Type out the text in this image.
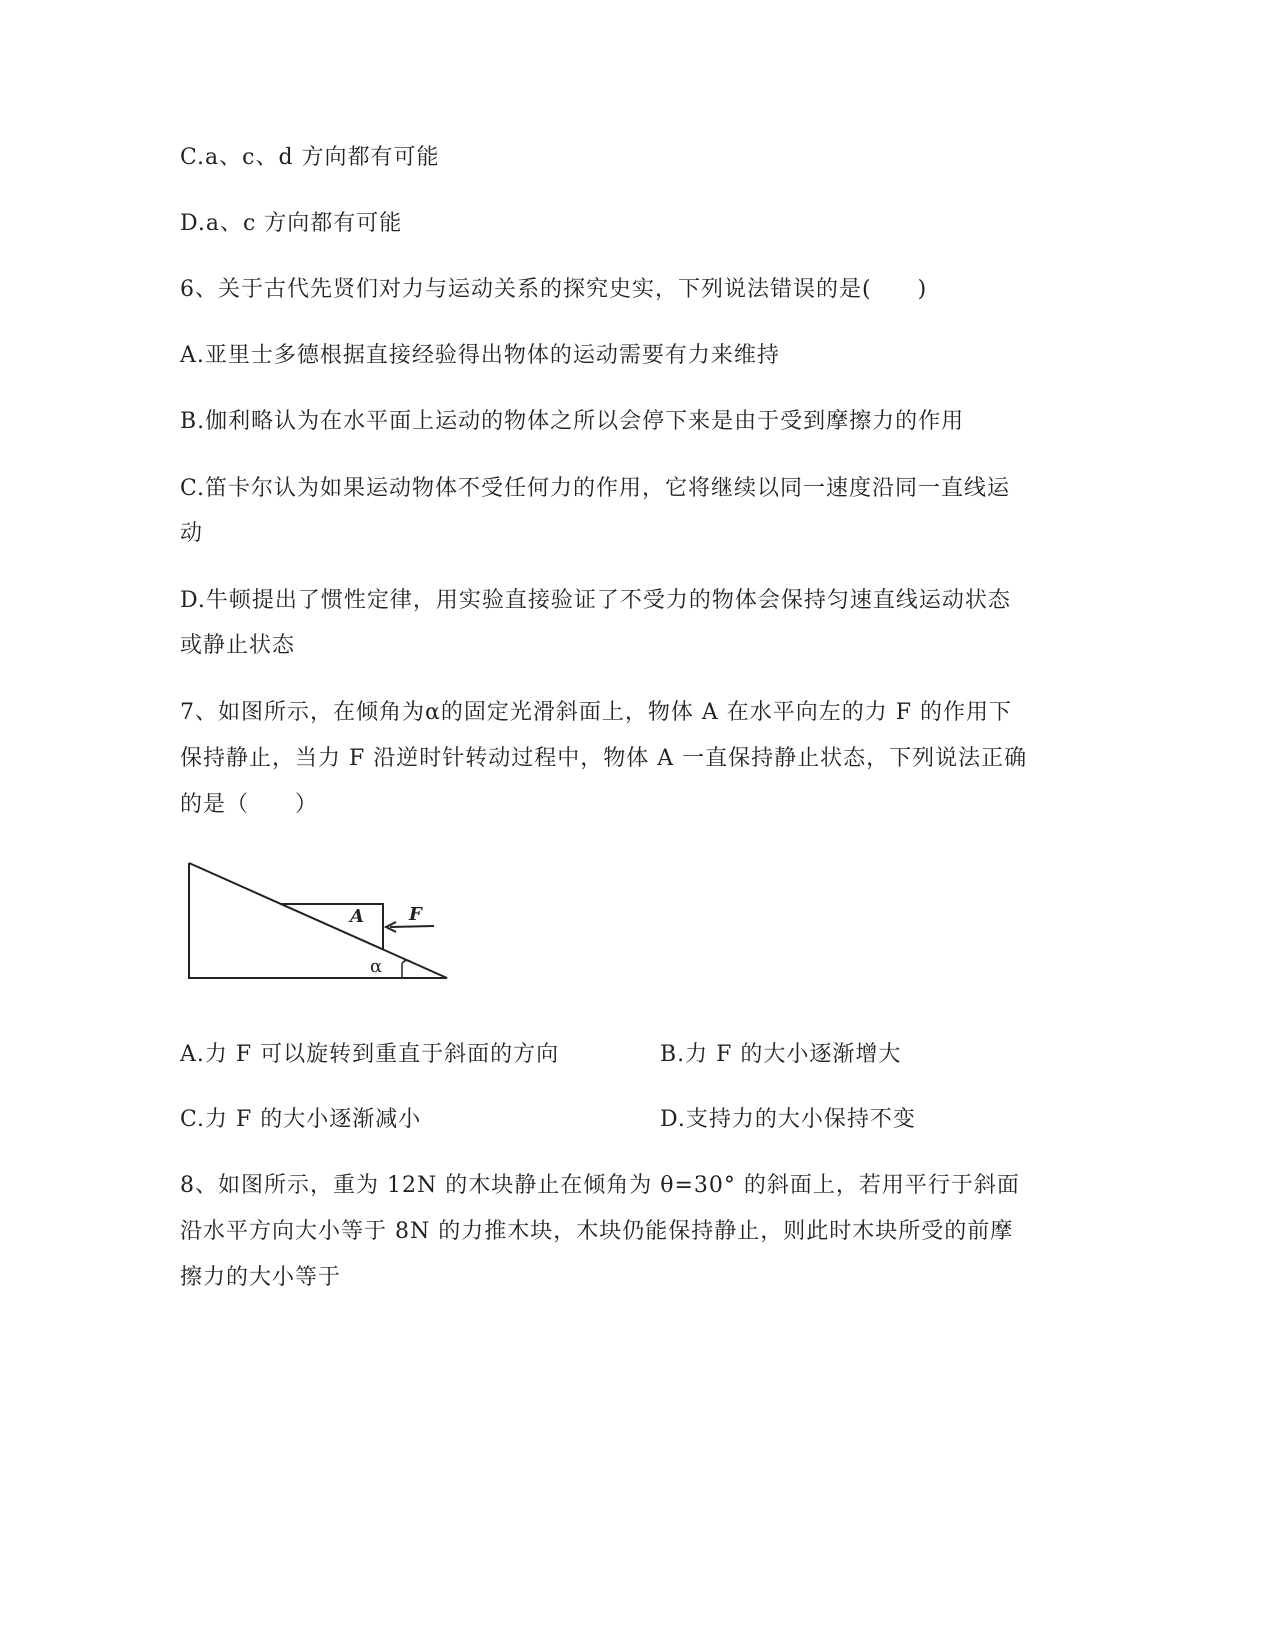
C.a、c、d 方向都有可能
D.a、c 方向都有可能
6、关于古代先贤们对力与运动关系的探究史实，下列说法错误的是(　　)
A.亚里士多德根据直接经验得出物体的运动需要有力来维持
B.伽利略认为在水平面上运动的物体之所以会停下来是由于受到摩擦力的作用
C.笛卡尔认为如果运动物体不受任何力的作用，它将继续以同一速度沿同一直线运
动
D.牛顿提出了惯性定律，用实验直接验证了不受力的物体会保持匀速直线运动状态
或静止状态
7、如图所示，在倾角为α的固定光滑斜面上，物体 A 在水平向左的力 F 的作用下
保持静止，当力 F 沿逆时针转动过程中，物体 A 一直保持静止状态，下列说法正确
的是（　　）
A	F
α
A.力 F 可以旋转到重直于斜面的方向	B.力 F 的大小逐渐增大
C.力 F 的大小逐渐减小	D.支持力的大小保持不变
8、如图所示，重为 12N 的木块静止在倾角为 θ=30° 的斜面上，若用平行于斜面
沿水平方向大小等于 8N 的力推木块，木块仍能保持静止，则此时木块所受的前摩
擦力的大小等于
